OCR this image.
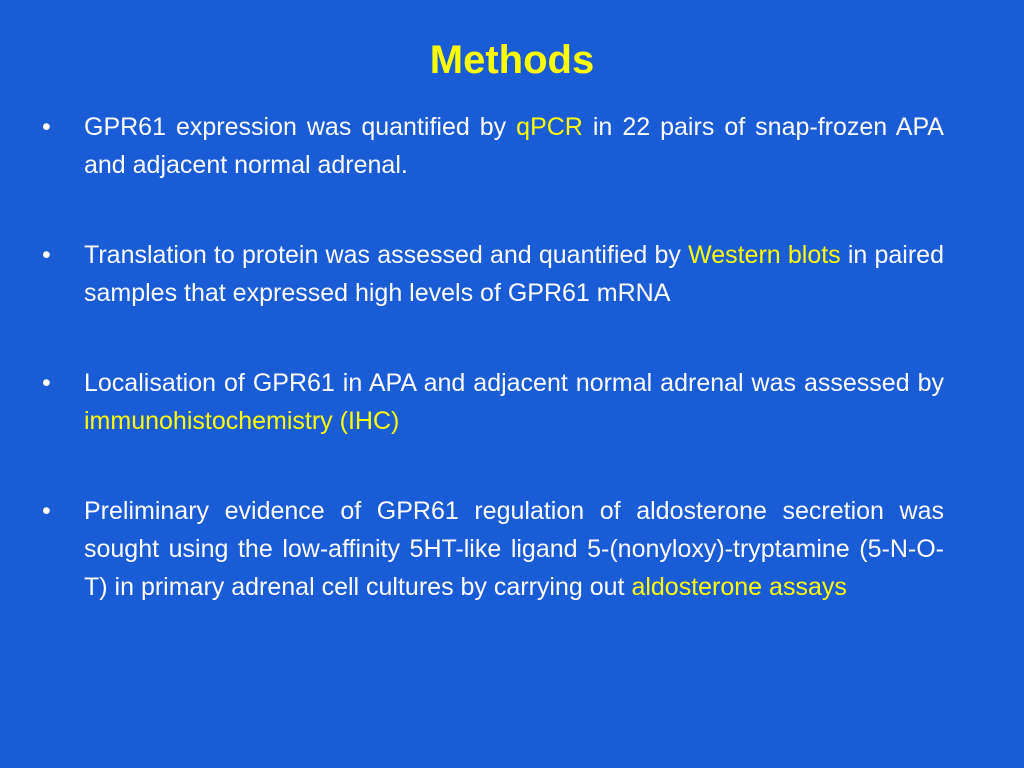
Methods
•	GPR61 expression was quantified by qPCR in 22 pairs of snap-frozen APA and adjacent normal adrenal.
•	Translation to protein was assessed and quantified by Western blots in paired samples that expressed high levels of GPR61 mRNA
•	Localisation of GPR61 in APA and adjacent normal adrenal was assessed by immunohistochemistry (IHC)
•	Preliminary evidence of GPR61 regulation of aldosterone secretion was sought using the low-affinity 5HT-like ligand 5-(nonyloxy)-tryptamine (5-N-O-T) in primary adrenal cell cultures by carrying out aldosterone assays
